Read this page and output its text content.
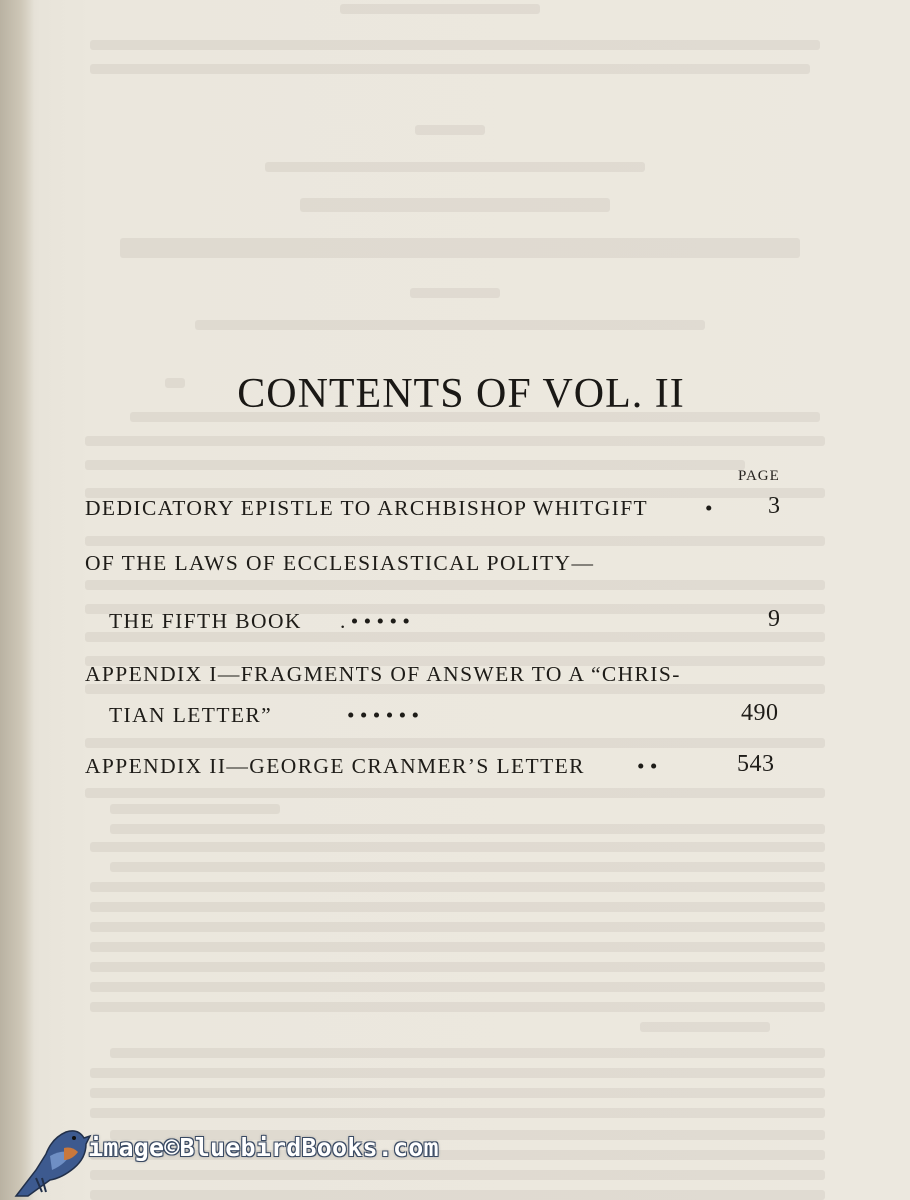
CONTENTS OF VOL. II
PAGE
DEDICATORY EPISTLE TO ARCHBISHOP WHITGIFT	• 3
OF THE LAWS OF ECCLESIASTICAL POLITY—
THE FIFTH BOOK . • • • • •	9
APPENDIX I—FRAGMENTS OF ANSWER TO A “CHRIS-
TIAN LETTER”	• • • • • •	490
APPENDIX II—GEORGE CRANMER’S LETTER • •	543
image©BluebirdBooks.com
